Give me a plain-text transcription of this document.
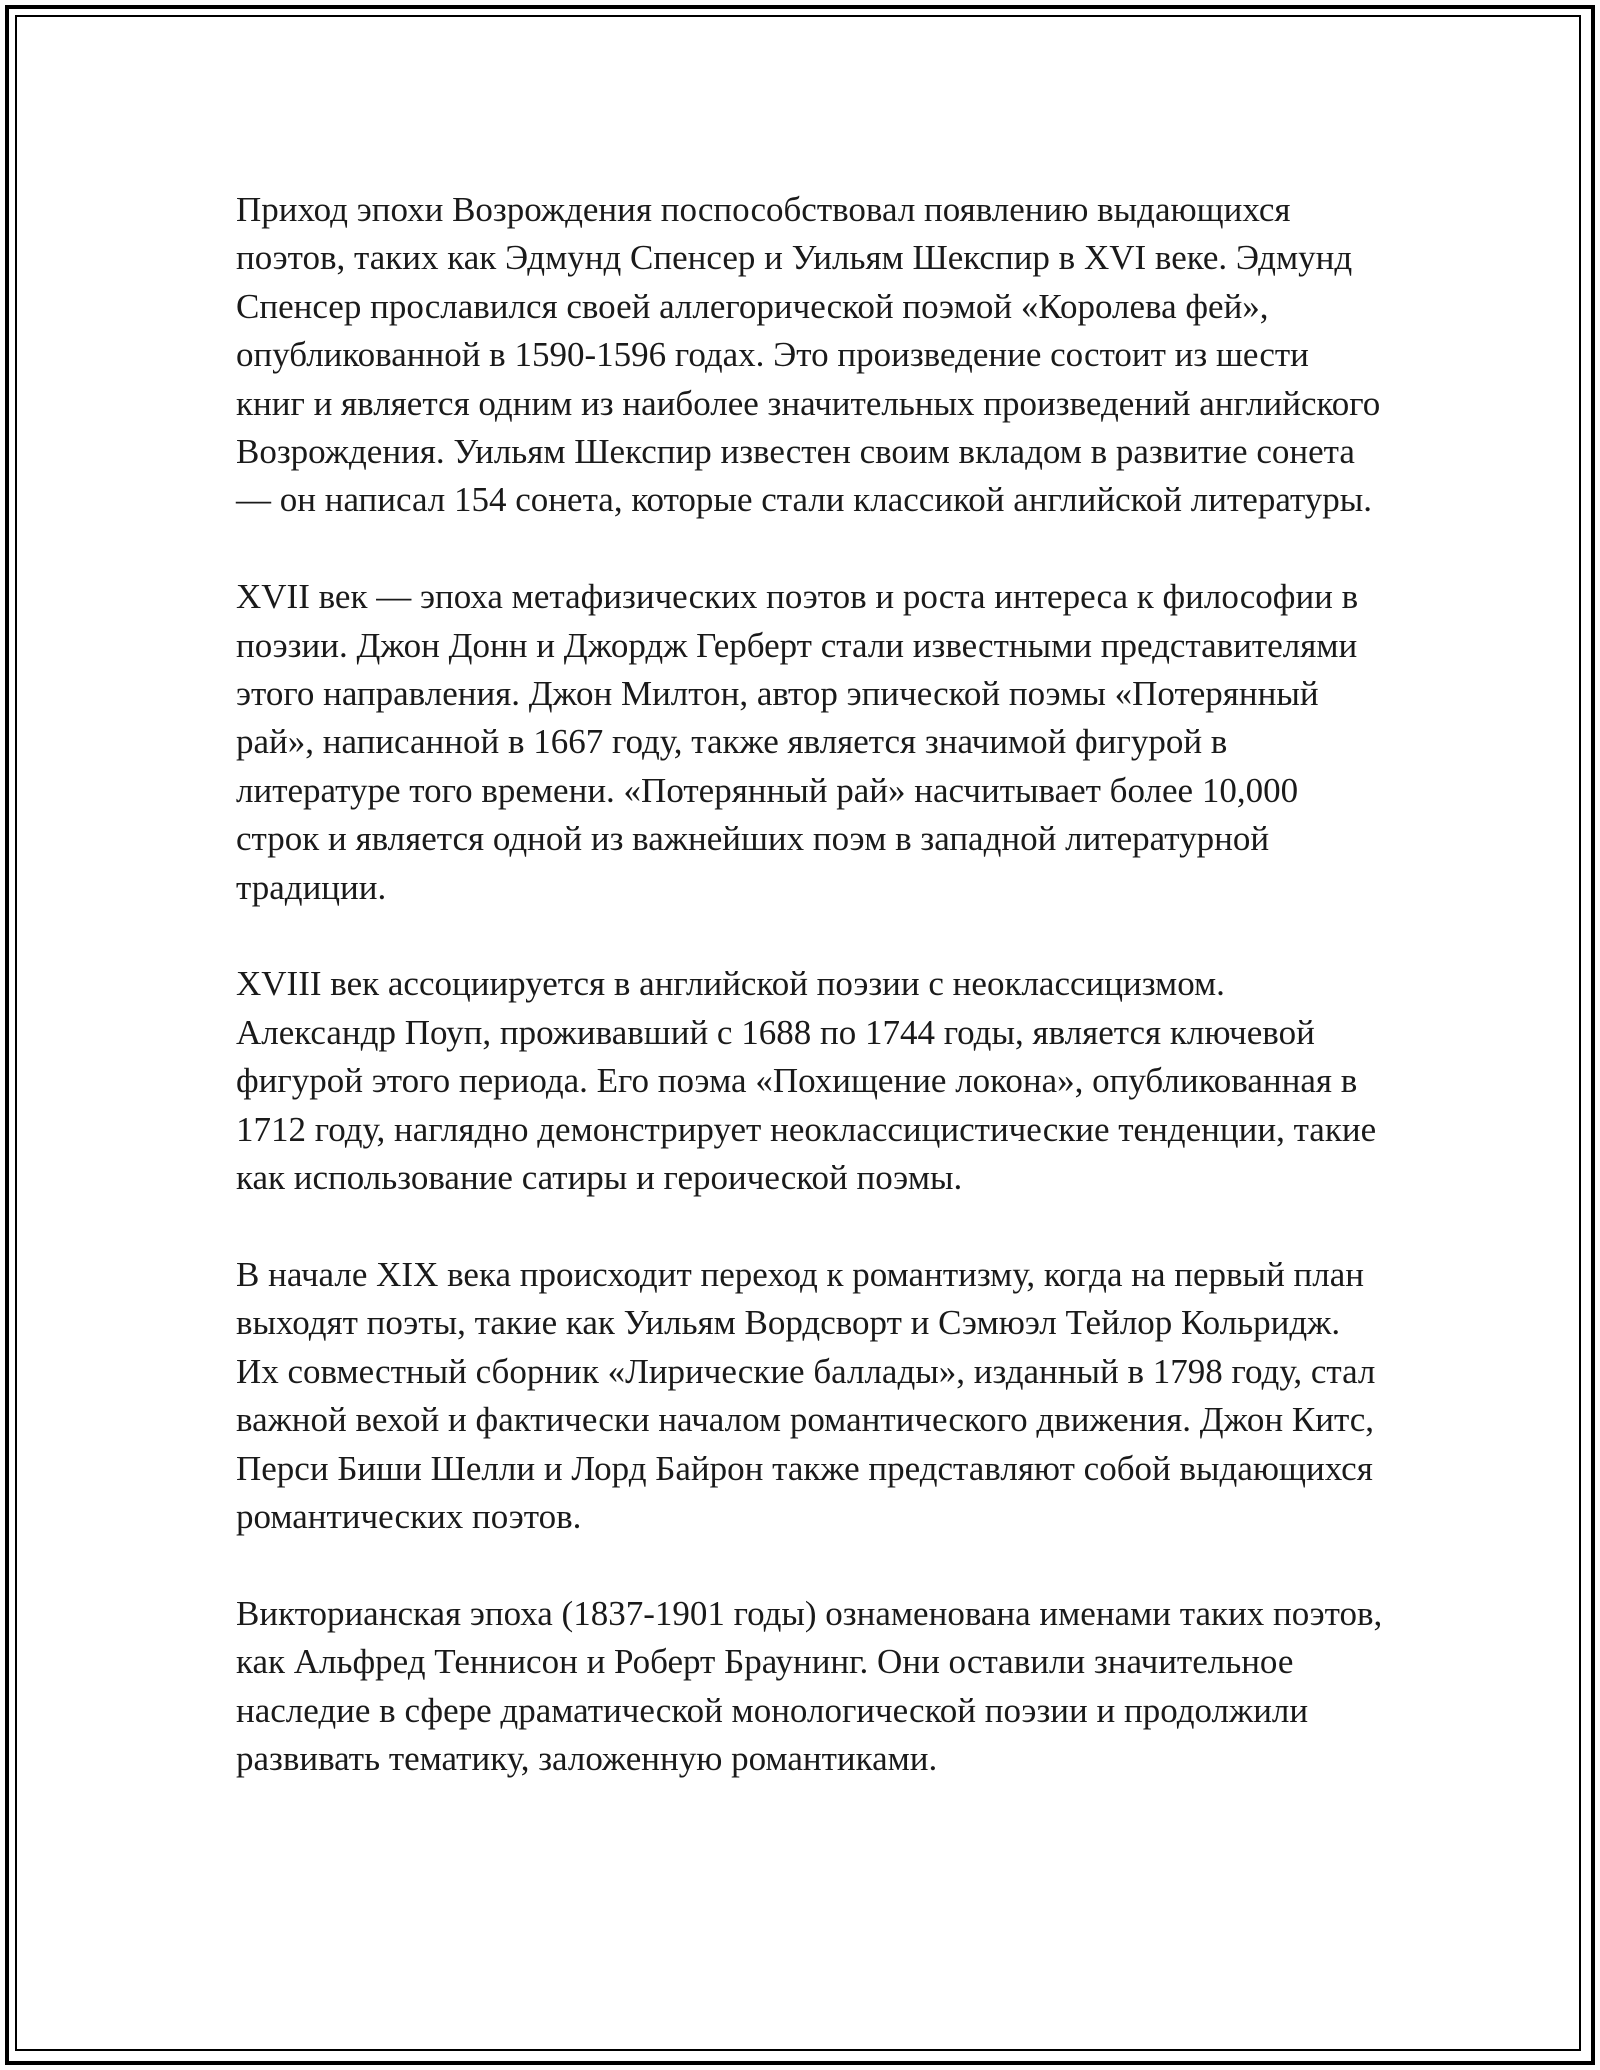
Приход эпохи Возрождения поспособствовал появлению выдающихся поэтов, таких как Эдмунд Спенсер и Уильям Шекспир в XVI веке. Эдмунд Спенсер прославился своей аллегорической поэмой «Королева фей», опубликованной в 1590-1596 годах. Это произведение состоит из шести книг и является одним из наиболее значительных произведений английского Возрождения. Уильям Шекспир известен своим вкладом в развитие сонета — он написал 154 сонета, которые стали классикой английской литературы.

XVII век — эпоха метафизических поэтов и роста интереса к философии в поэзии. Джон Донн и Джордж Герберт стали известными представителями этого направления. Джон Милтон, автор эпической поэмы «Потерянный рай», написанной в 1667 году, также является значимой фигурой в литературе того времени. «Потерянный рай» насчитывает более 10,000 строк и является одной из важнейших поэм в западной литературной традиции.

XVIII век ассоциируется в английской поэзии с неоклассицизмом. Александр Поуп, проживавший с 1688 по 1744 годы, является ключевой фигурой этого периода. Его поэма «Похищение локона», опубликованная в 1712 году, наглядно демонстрирует неоклассицистические тенденции, такие как использование сатиры и героической поэмы.

В начале XIX века происходит переход к романтизму, когда на первый план выходят поэты, такие как Уильям Вордсворт и Сэмюэл Тейлор Кольридж. Их совместный сборник «Лирические баллады», изданный в 1798 году, стал важной вехой и фактически началом романтического движения. Джон Китс, Перси Биши Шелли и Лорд Байрон также представляют собой выдающихся романтических поэтов.

Викторианская эпоха (1837-1901 годы) ознаменована именами таких поэтов, как Альфред Теннисон и Роберт Браунинг. Они оставили значительное наследие в сфере драматической монологической поэзии и продолжили развивать тематику, заложенную романтиками.
